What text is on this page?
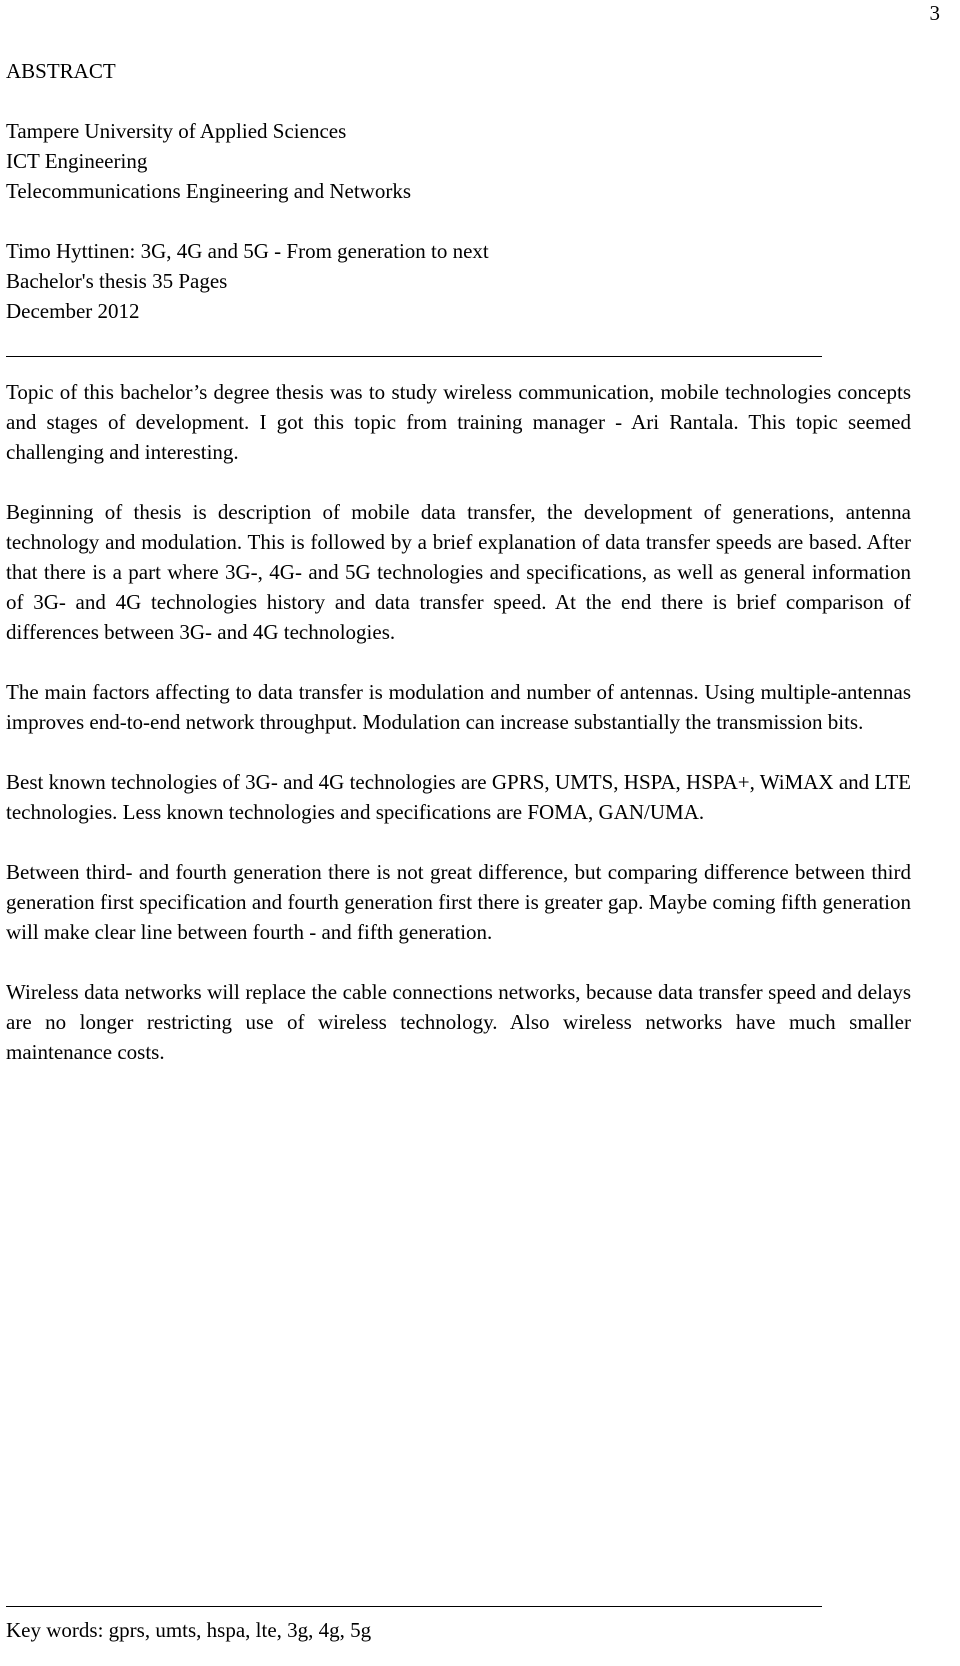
3
ABSTRACT
Tampere University of Applied Sciences
ICT Engineering
Telecommunications Engineering and Networks
Timo Hyttinen: 3G, 4G and 5G - From generation to next
Bachelor's thesis 35 Pages
December 2012

Topic of this bachelor’s degree thesis was to study wireless communication, mobile technologies concepts and stages of development. I got this topic from training manager - Ari Rantala. This topic seemed challenging and interesting.

Beginning of thesis is description of mobile data transfer, the development of generations, antenna technology and modulation. This is followed by a brief explanation of data transfer speeds are based. After that there is a part where 3G-, 4G- and 5G technologies and specifications, as well as general information of 3G- and 4G technologies history and data transfer speed. At the end there is brief comparison of differences between 3G- and 4G technologies.

The main factors affecting to data transfer is modulation and number of antennas. Using multiple-antennas improves end-to-end network throughput. Modulation can increase substantially the transmission bits.

Best known technologies of 3G- and 4G technologies are GPRS, UMTS, HSPA, HSPA+, WiMAX and LTE technologies. Less known technologies and specifications are FOMA, GAN/UMA.

Between third- and fourth generation there is not great difference, but comparing difference between third generation first specification and fourth generation first there is greater gap. Maybe coming fifth generation will make clear line between fourth - and fifth generation.

Wireless data networks will replace the cable connections networks, because data transfer speed and delays are no longer restricting use of wireless technology. Also wireless networks have much smaller maintenance costs.

Key words: gprs, umts, hspa, lte, 3g, 4g, 5g
